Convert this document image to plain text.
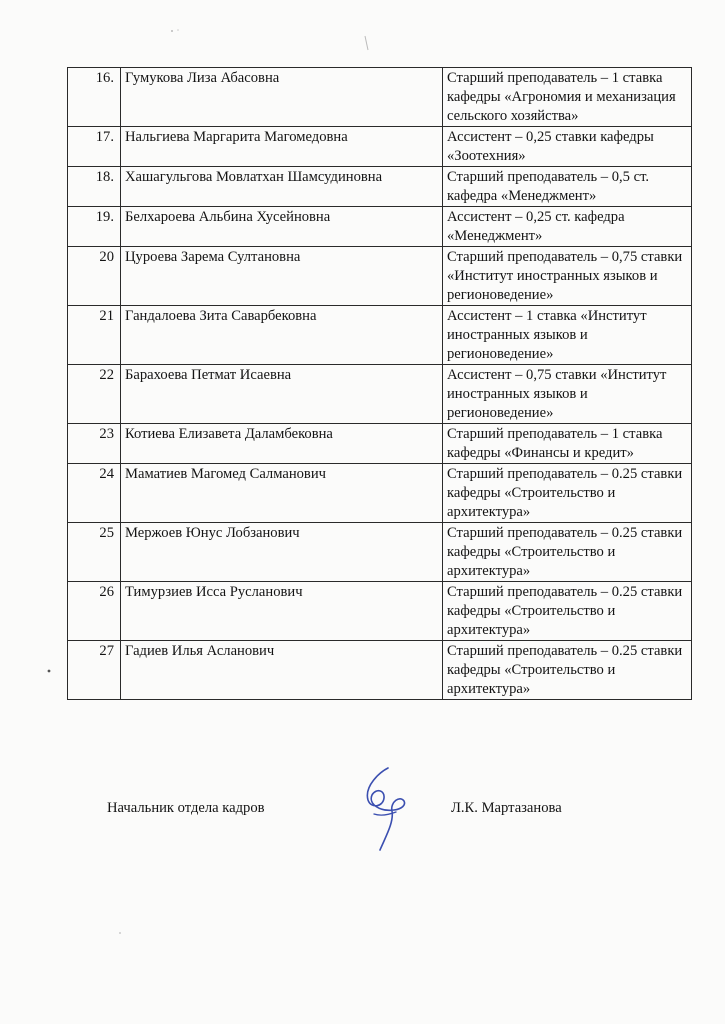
16.	Гумукова Лиза Абасовна	Старший преподаватель – 1 ставка кафедры «Агрономия и механизация сельского хозяйства»
17.	Нальгиева Маргарита Магомедовна	Ассистент – 0,25 ставки кафедры «Зоотехния»
18.	Хашагульгова Мовлатхан Шамсудиновна	Старший преподаватель – 0,5 ст. кафедра «Менеджмент»
19.	Белхароева Альбина Хусейновна	Ассистент – 0,25 ст. кафедра «Менеджмент»
20	Цуроева Зарема Султановна	Старший преподаватель – 0,75 ставки «Институт иностранных языков и регионоведение»
21	Гандалоева Зита Саварбековна	Ассистент – 1 ставка «Институт иностранных языков и регионоведение»
22	Барахоева Петмат Исаевна	Ассистент – 0,75 ставки «Институт иностранных языков и регионоведение»
23	Котиева Елизавета Даламбековна	Старший преподаватель – 1 ставка кафедры «Финансы и кредит»
24	Маматиев Магомед Салманович	Старший преподаватель – 0.25 ставки кафедры «Строительство и архитектура»
25	Мержоев Юнус Лобзанович	Старший преподаватель – 0.25 ставки кафедры «Строительство и архитектура»
26	Тимурзиев Исса Русланович	Старший преподаватель – 0.25 ставки кафедры «Строительство и архитектура»
27	Гадиев Илья Асланович	Старший преподаватель – 0.25 ставки кафедры «Строительство и архитектура»
Начальник отдела кадров	Л.К. Мартазанова
